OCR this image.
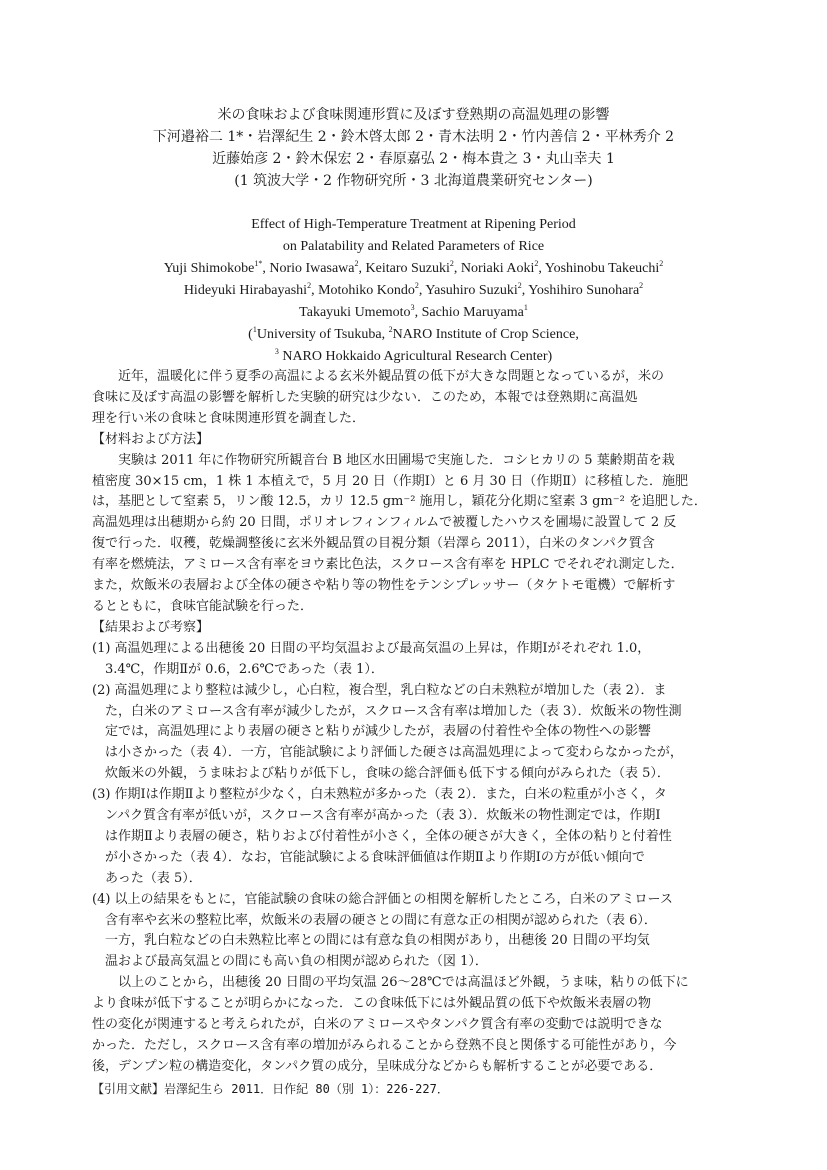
米の食味および食味関連形質に及ぼす登熟期の高温処理の影響
下河邉裕二 1*・岩澤紀生 2・鈴木啓太郎 2・青木法明 2・竹内善信 2・平林秀介 2
近藤始彦 2・鈴木保宏 2・春原嘉弘 2・梅本貴之 3・丸山幸夫 1
(1 筑波大学・2 作物研究所・3 北海道農業研究センター)
Effect of High-Temperature Treatment at Ripening Period
on Palatability and Related Parameters of Rice
Yuji Shimokobe$^{1*}$, Norio Iwasawa$^2$, Keitaro Suzuki$^2$, Noriaki Aoki$^2$, Yoshinobu Takeuchi$^2$
Hideyuki Hirabayashi$^2$, Motohiko Kondo$^2$, Yasuhiro Suzuki$^2$, Yoshihiro Sunohara$^2$
Takayuki Umemoto$^3$, Sachio Maruyama$^1$
($^1$University of Tsukuba, $^2$NARO Institute of Crop Science,
$^3$ NARO Hokkaido Agricultural Research Center)
近年，温暖化に伴う夏季の高温による玄米外観品質の低下が大きな問題となっているが，米の
食味に及ぼす高温の影響を解析した実験的研究は少ない．このため，本報では登熟期に高温処
理を行い米の食味と食味関連形質を調査した．
【材料および方法】
実験は 2011 年に作物研究所観音台 B 地区水田圃場で実施した．コシヒカリの 5 葉齢期苗を栽
植密度 30×15 cm，1 株 1 本植えで，5 月 20 日（作期Ⅰ）と 6 月 30 日（作期Ⅱ）に移植した．施肥
は，基肥として窒素 5，リン酸 12.5，カリ 12.5 gm⁻² 施用し，穎花分化期に窒素 3 gm⁻² を追肥した．
高温処理は出穂期から約 20 日間，ポリオレフィンフィルムで被覆したハウスを圃場に設置して 2 反
復で行った．収穫，乾燥調整後に玄米外観品質の目視分類（岩澤ら 2011），白米のタンパク質含
有率を燃焼法，アミロース含有率をヨウ素比色法，スクロース含有率を HPLC でそれぞれ測定した．
また，炊飯米の表層および全体の硬さや粘り等の物性をテンシプレッサー（タケトモ電機）で解析す
るとともに，食味官能試験を行った．
【結果および考察】
(1) 高温処理による出穂後 20 日間の平均気温および最高気温の上昇は，作期Ⅰがそれぞれ 1.0，
3.4℃，作期Ⅱが 0.6，2.6℃であった（表 1）．
(2) 高温処理により整粒は減少し，心白粒，複合型，乳白粒などの白未熟粒が増加した（表 2）．ま
た，白米のアミロース含有率が減少したが，スクロース含有率は増加した（表 3）．炊飯米の物性測
定では，高温処理により表層の硬さと粘りが減少したが，表層の付着性や全体の物性への影響
は小さかった（表 4）．一方，官能試験により評価した硬さは高温処理によって変わらなかったが，
炊飯米の外観，うま味および粘りが低下し，食味の総合評価も低下する傾向がみられた（表 5）．
(3) 作期Ⅰは作期Ⅱより整粒が少なく，白未熟粒が多かった（表 2）．また，白米の粒重が小さく，タ
ンパク質含有率が低いが，スクロース含有率が高かった（表 3）．炊飯米の物性測定では，作期Ⅰ
は作期Ⅱより表層の硬さ，粘りおよび付着性が小さく，全体の硬さが大きく，全体の粘りと付着性
が小さかった（表 4）．なお，官能試験による食味評価値は作期Ⅱより作期Ⅰの方が低い傾向で
あった（表 5）．
(4) 以上の結果をもとに，官能試験の食味の総合評価との相関を解析したところ，白米のアミロース
含有率や玄米の整粒比率，炊飯米の表層の硬さとの間に有意な正の相関が認められた（表 6）．
一方，乳白粒などの白未熟粒比率との間には有意な負の相関があり，出穂後 20 日間の平均気
温および最高気温との間にも高い負の相関が認められた（図 1）．
以上のことから，出穂後 20 日間の平均気温 26～28℃では高温ほど外観，うま味，粘りの低下に
より食味が低下することが明らかになった．この食味低下には外観品質の低下や炊飯米表層の物
性の変化が関連すると考えられたが，白米のアミロースやタンパク質含有率の変動では説明できな
かった．ただし，スクロース含有率の増加がみられることから登熟不良と関係する可能性があり，今
後，デンプン粒の構造変化，タンパク質の成分，呈味成分などからも解析することが必要である．
【引用文献】岩澤紀生ら 2011．日作紀 80（別 1）：226-227．
